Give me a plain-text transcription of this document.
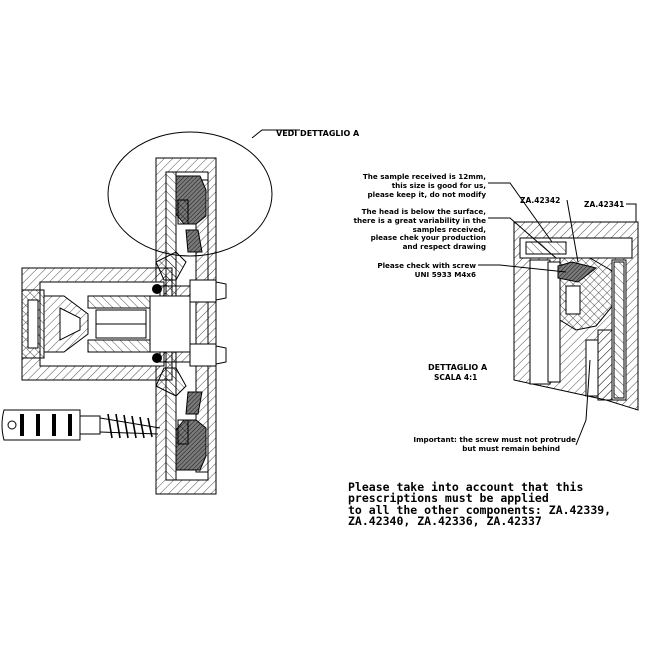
VEDI DETTAGLIO A
The sample received is 12mm,
this size is good for us,
please keep it, do not modify
The head is below the surface,
there is a great variability in the
samples received,
please chek your production
and respect drawing
Please check with screw
UNI 5933 M4x6
ZA.42342	ZA.42341
DETTAGLIO A
SCALA 4:1
Important: the screw must not protrude
but must remain behind
Please take into account that this
prescriptions must be applied
to all the other components: ZA.42339,
ZA.42340, ZA.42336, ZA.42337
